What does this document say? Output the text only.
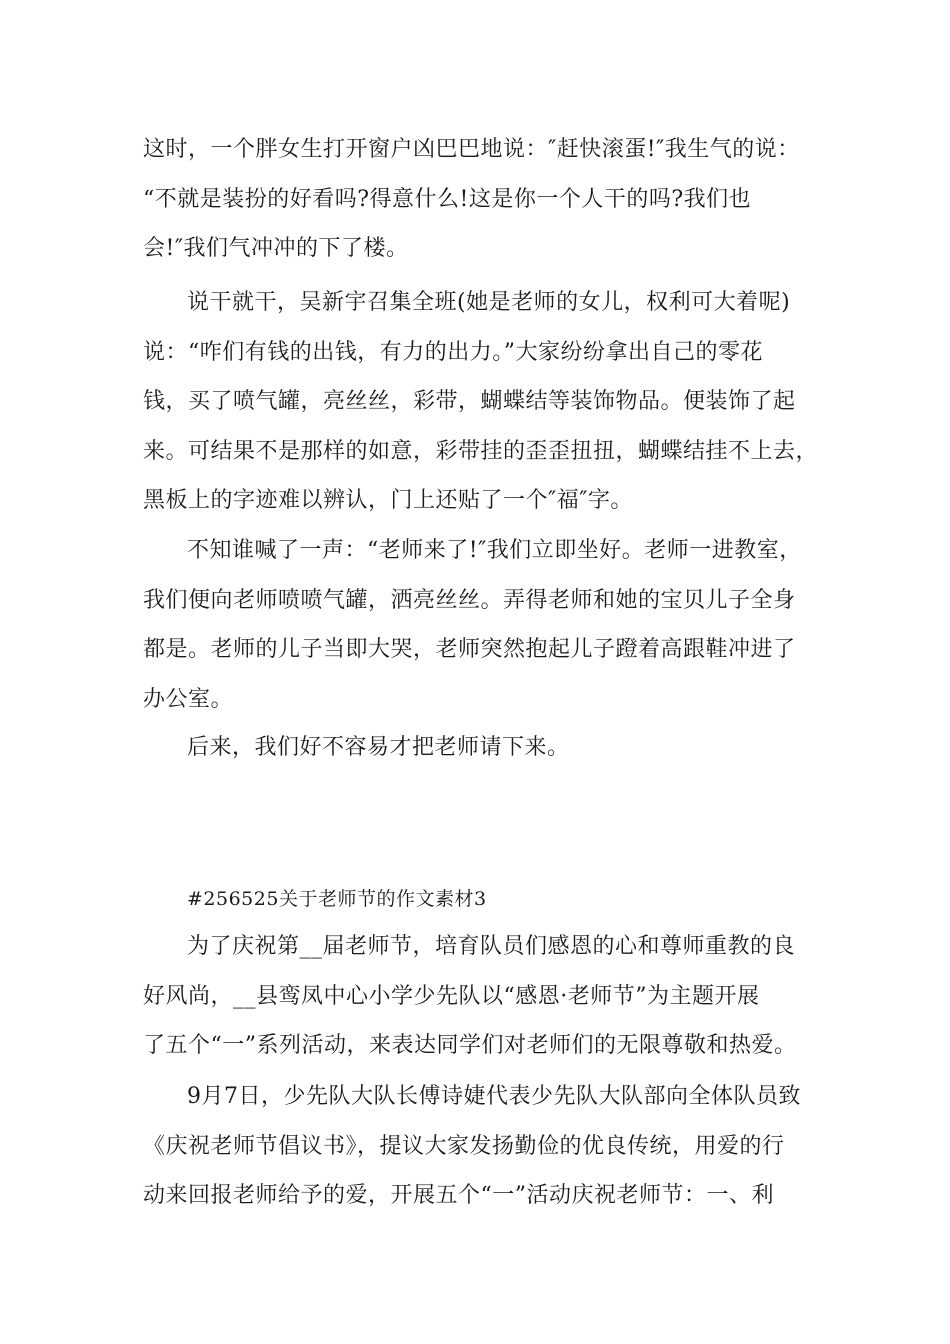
这时，一个胖女生打开窗户凶巴巴地说：″赶快滚蛋!″我生气的说：
“不就是装扮的好看吗?得意什么!这是你一个人干的吗?我们也
会!″我们气冲冲的下了楼。

说干就干，吴新宇召集全班(她是老师的女儿，权利可大着呢)
说：“咋们有钱的出钱，有力的出力。”大家纷纷拿出自己的零花
钱，买了喷气罐，亮丝丝，彩带，蝴蝶结等装饰物品。便装饰了起
来。可结果不是那样的如意，彩带挂的歪歪扭扭，蝴蝶结挂不上去，
黑板上的字迹难以辨认，门上还贴了一个″福″字。

不知谁喊了一声：“老师来了!″我们立即坐好。老师一进教室，
我们便向老师喷喷气罐，洒亮丝丝。弄得老师和她的宝贝儿子全身
都是。老师的儿子当即大哭，老师突然抱起儿子蹬着高跟鞋冲进了
办公室。

后来，我们好不容易才把老师请下来。

#256525关于老师节的作文素材3

为了庆祝第__届老师节，培育队员们感恩的心和尊师重教的良
好风尚，__县鸾凤中心小学少先队以“感恩·老师节”为主题开展
了五个“一”系列活动，来表达同学们对老师们的无限尊敬和热爱。

9月7日，少先队大队长傅诗婕代表少先队大队部向全体队员致
《庆祝老师节倡议书》，提议大家发扬勤俭的优良传统，用爱的行
动来回报老师给予的爱，开展五个“一”活动庆祝老师节：一、利
